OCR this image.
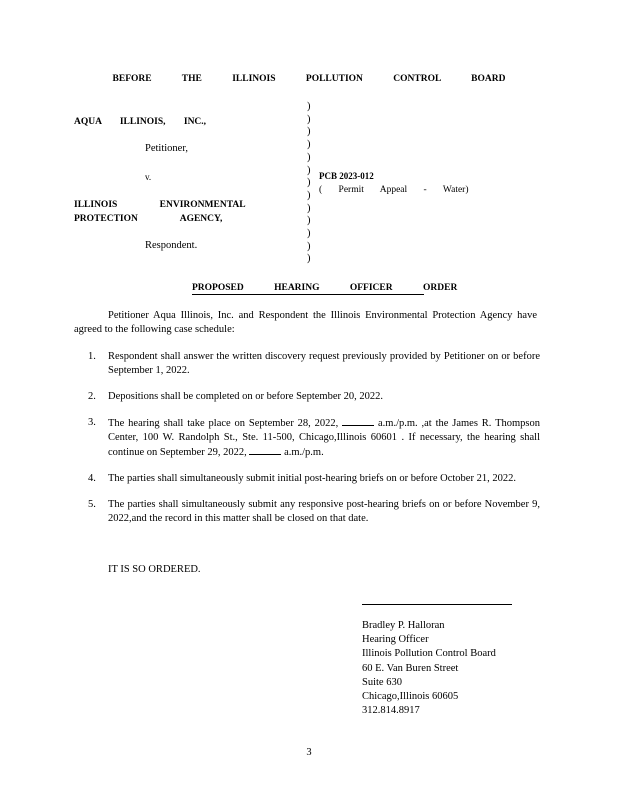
BEFORE THE ILLINOIS POLLUTION CONTROL BOARD
AQUA ILLINOIS, INC.,
Petitioner,
v.
ILLINOIS ENVIRONMENTAL
PROTECTION AGENCY,
Respondent.
)
)
)
)
)
)
)
)
)
)
)
)
)
PCB 2023-012
( Permit Appeal - Water)
PROPOSED HEARING OFFICER ORDER
Petitioner Aqua Illinois, Inc. and Respondent the Illinois Environmental Protection Agency have agreed to the following case schedule:
1.	Respondent shall answer the written discovery request previously provided by Petitioner on or before September 1, 2022.
2.	Depositions shall be completed on or before September 20, 2022.
3.	The hearing shall take place on September 28, 2022,	a.m./p.m. ,at the James R. Thompson Center, 100 W. Randolph St., Ste. 11-500, Chicago,Illinois 60601 . If necessary, the hearing shall continue on September 29, 2022,	a.m./p.m.
4.	The parties shall simultaneously submit initial post-hearing briefs on or before October 21, 2022.
5.	The parties shall simultaneously submit any responsive post-hearing briefs on or before November 9, 2022,and the record in this matter shall be closed on that date.
IT IS SO ORDERED.
Bradley P. Halloran
Hearing Officer
Illinois Pollution Control Board
60 E. Van Buren Street
Suite 630
Chicago,Illinois 60605
312.814.8917
3
